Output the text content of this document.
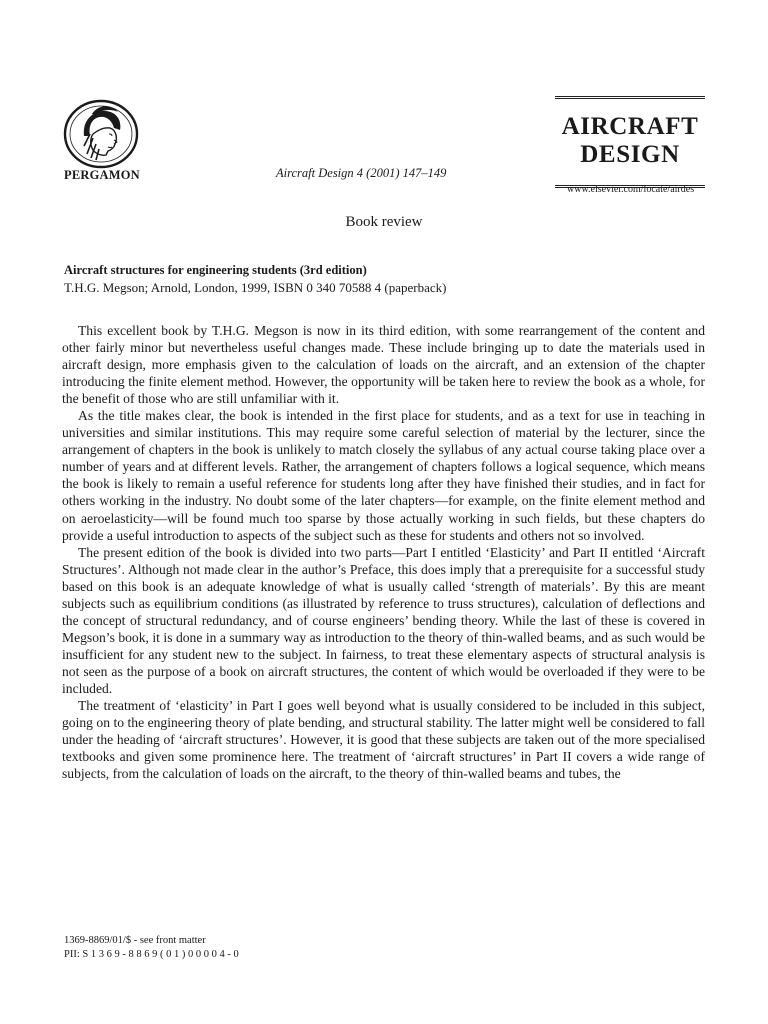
PERGAMON	Aircraft Design 4 (2001) 147–149
AIRCRAFT
DESIGN
www.elsevier.com/locate/airdes
Book review
Aircraft structures for engineering students (3rd edition)
T.H.G. Megson; Arnold, London, 1999, ISBN 0 340 70588 4 (paperback)

This excellent book by T.H.G. Megson is now in its third edition, with some rearrangement of the content and other fairly minor but nevertheless useful changes made. These include bringing up to date the materials used in aircraft design, more emphasis given to the calculation of loads on the aircraft, and an extension of the chapter introducing the finite element method. However, the opportunity will be taken here to review the book as a whole, for the benefit of those who are still unfamiliar with it.

As the title makes clear, the book is intended in the first place for students, and as a text for use in teaching in universities and similar institutions. This may require some careful selection of material by the lecturer, since the arrangement of chapters in the book is unlikely to match closely the syllabus of any actual course taking place over a number of years and at different levels. Rather, the arrangement of chapters follows a logical sequence, which means the book is likely to remain a useful reference for students long after they have finished their studies, and in fact for others working in the industry. No doubt some of the later chapters—for example, on the finite element method and on aeroelasticity—will be found much too sparse by those actually working in such fields, but these chapters do provide a useful introduction to aspects of the subject such as these for students and others not so involved.

The present edition of the book is divided into two parts—Part I entitled ‘Elasticity’ and Part II entitled ‘Aircraft Structures’. Although not made clear in the author’s Preface, this does imply that a prerequisite for a successful study based on this book is an adequate knowledge of what is usually called ‘strength of materials’. By this are meant subjects such as equilibrium conditions (as illustrated by reference to truss structures), calculation of deflections and the concept of structural redundancy, and of course engineers’ bending theory. While the last of these is covered in Megson’s book, it is done in a summary way as introduction to the theory of thin-walled beams, and as such would be insufficient for any student new to the subject. In fairness, to treat these elementary aspects of structural analysis is not seen as the purpose of a book on aircraft structures, the content of which would be overloaded if they were to be included.

The treatment of ‘elasticity’ in Part I goes well beyond what is usually considered to be included in this subject, going on to the engineering theory of plate bending, and structural stability. The latter might well be considered to fall under the heading of ‘aircraft structures’. However, it is good that these subjects are taken out of the more specialised textbooks and given some prominence here. The treatment of ‘aircraft structures’ in Part II covers a wide range of subjects, from the calculation of loads on the aircraft, to the theory of thin-walled beams and tubes, the

1369-8869/01/$ - see front matter
PII: S 1 3 6 9 - 8 8 6 9 ( 0 1 ) 0 0 0 0 4 - 0
